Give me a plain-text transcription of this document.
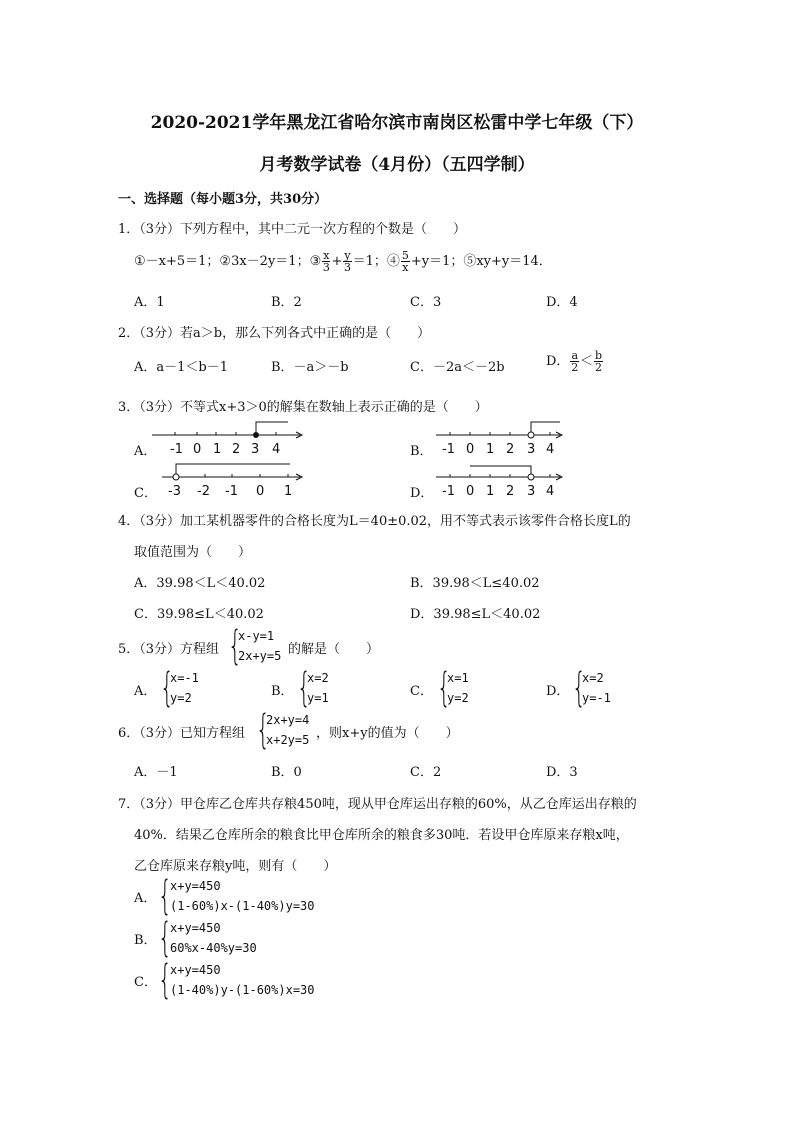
2020-2021学年黑龙江省哈尔滨市南岗区松雷中学七年级（下）
月考数学试卷（4月份）（五四学制）
一、选择题（每小题3分，共30分）
1．（3分）下列方程中，其中二元一次方程的个数是（　　）
①－x+5＝1；②3x－2y＝1；③ $\frac{x}{3} + \frac{y}{3} =1$；④ $\frac{5}{x} +y=1$；⑤xy+y＝14．
A．1	B．2	C．3	D．4
2．（3分）若a＞b，那么下列各式中正确的是（　　）
A．a－1＜b－1	B．－a＞－b	C．－2a＜－2b	D． $\frac{a}{2} < \frac{b}{2}$
3．（3分）不等式x+3＞0的解集在数轴上表示正确的是（　　）
A．	B．
C．	D．
-1 0 1 2 3 4	-1 0 1 2 3 4
-3 -2 -1 0 1	-1 0 1 2 3 4
4．（3分）加工某机器零件的合格长度为L＝40±0.02，用不等式表示该零件合格长度L的
取值范围为（　　）
A．39.98＜L＜40.02	B．39.98＜L≤40.02
C．39.98≤L＜40.02	D．39.98≤L＜40.02
5．（3分）方程组 {
x-y=1
2x+y=5 的解是（　　）
A． {
x=-1
y=2	B． {
x=2
y=1	C． {
x=1
y=2	D． {
x=2
y=-1
6．（3分）已知方程组 {
2x+y=4
x+2y=5 ，则x+y的值为（　　）
A．－1	B．0	C．2	D．3
7．（3分）甲仓库乙仓库共存粮450吨，现从甲仓库运出存粮的60%，从乙仓库运出存粮的
40%．结果乙仓库所余的粮食比甲仓库所余的粮食多30吨．若设甲仓库原来存粮x吨，
乙仓库原来存粮y吨，则有（　　）
A． {
x+y=450
(1-60%)x-(1-40%)y=30
B． {
x+y=450
60%x-40%y=30
C． {
x+y=450
(1-40%)y-(1-60%)x=30
